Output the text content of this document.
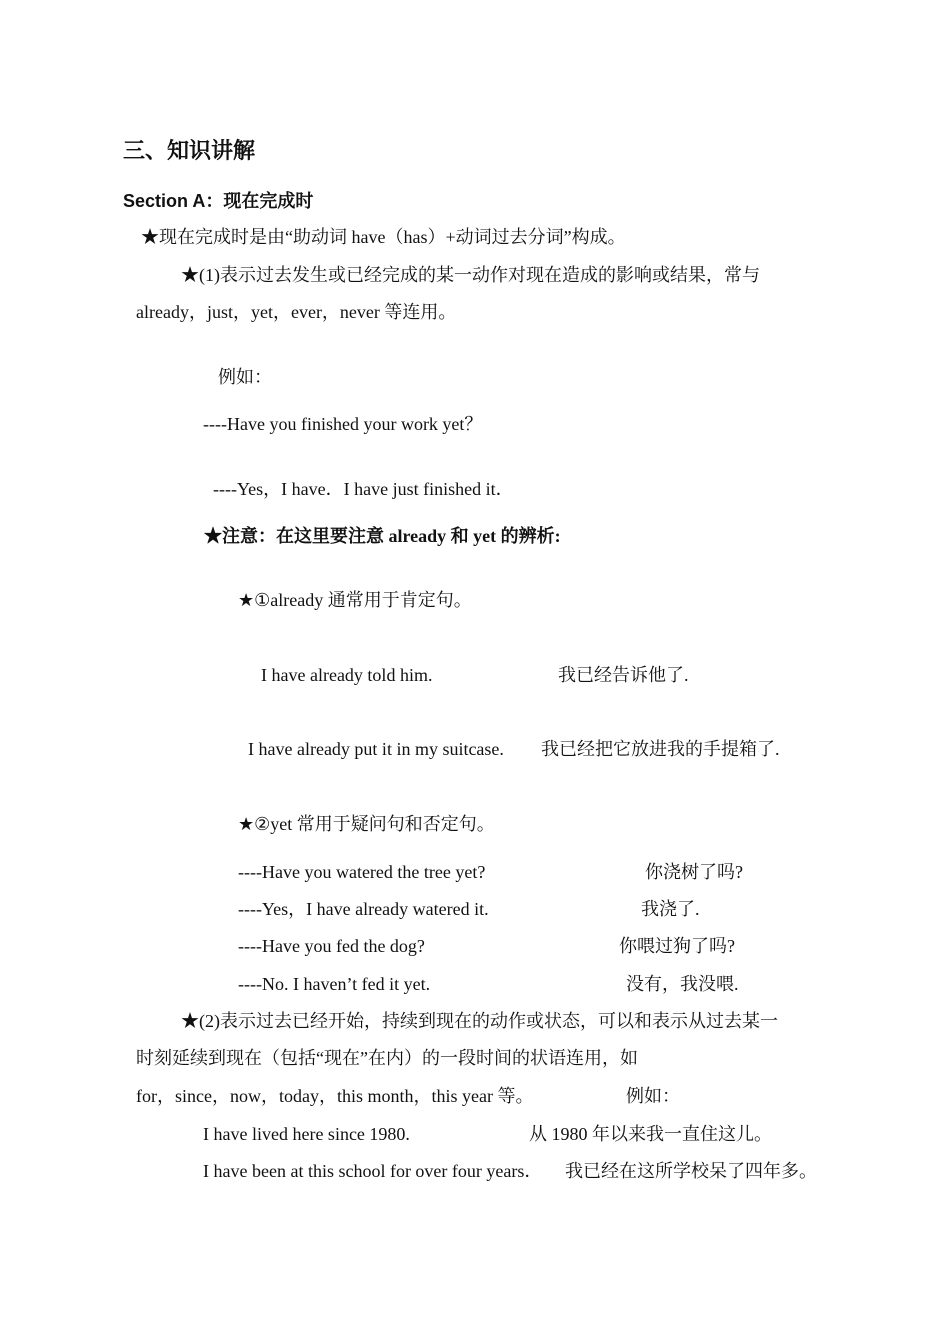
三、知识讲解
Section A：现在完成时
★现在完成时是由“助动词 have（has）+动词过去分词”构成。
★(1)表示过去发生或已经完成的某一动作对现在造成的影响或结果，常与
already，just，yet，ever，never 等连用。
例如：
----Have you finished your work yet？
----Yes，I have．I have just finished it．
★注意：在这里要注意 already 和 yet 的辨析:
★①already 通常用于肯定句。
I have already told him.	我已经告诉他了.
I have already put it in my suitcase. 我已经把它放进我的手提箱了.
★②yet 常用于疑问句和否定句。
----Have you watered the tree yet?	你浇树了吗?
----Yes，I have already watered it.	我浇了.
----Have you fed the dog?	你喂过狗了吗?
----No. I haven’t fed it yet.	没有，我没喂.
★(2)表示过去已经开始，持续到现在的动作或状态，可以和表示从过去某一
时刻延续到现在（包括“现在”在内）的一段时间的状语连用，如
for，since，now，today，this month，this year 等。	例如：
I have lived here since 1980.	从 1980 年以来我一直住这儿。
I have been at this school for over four years． 我已经在这所学校呆了四年多。
